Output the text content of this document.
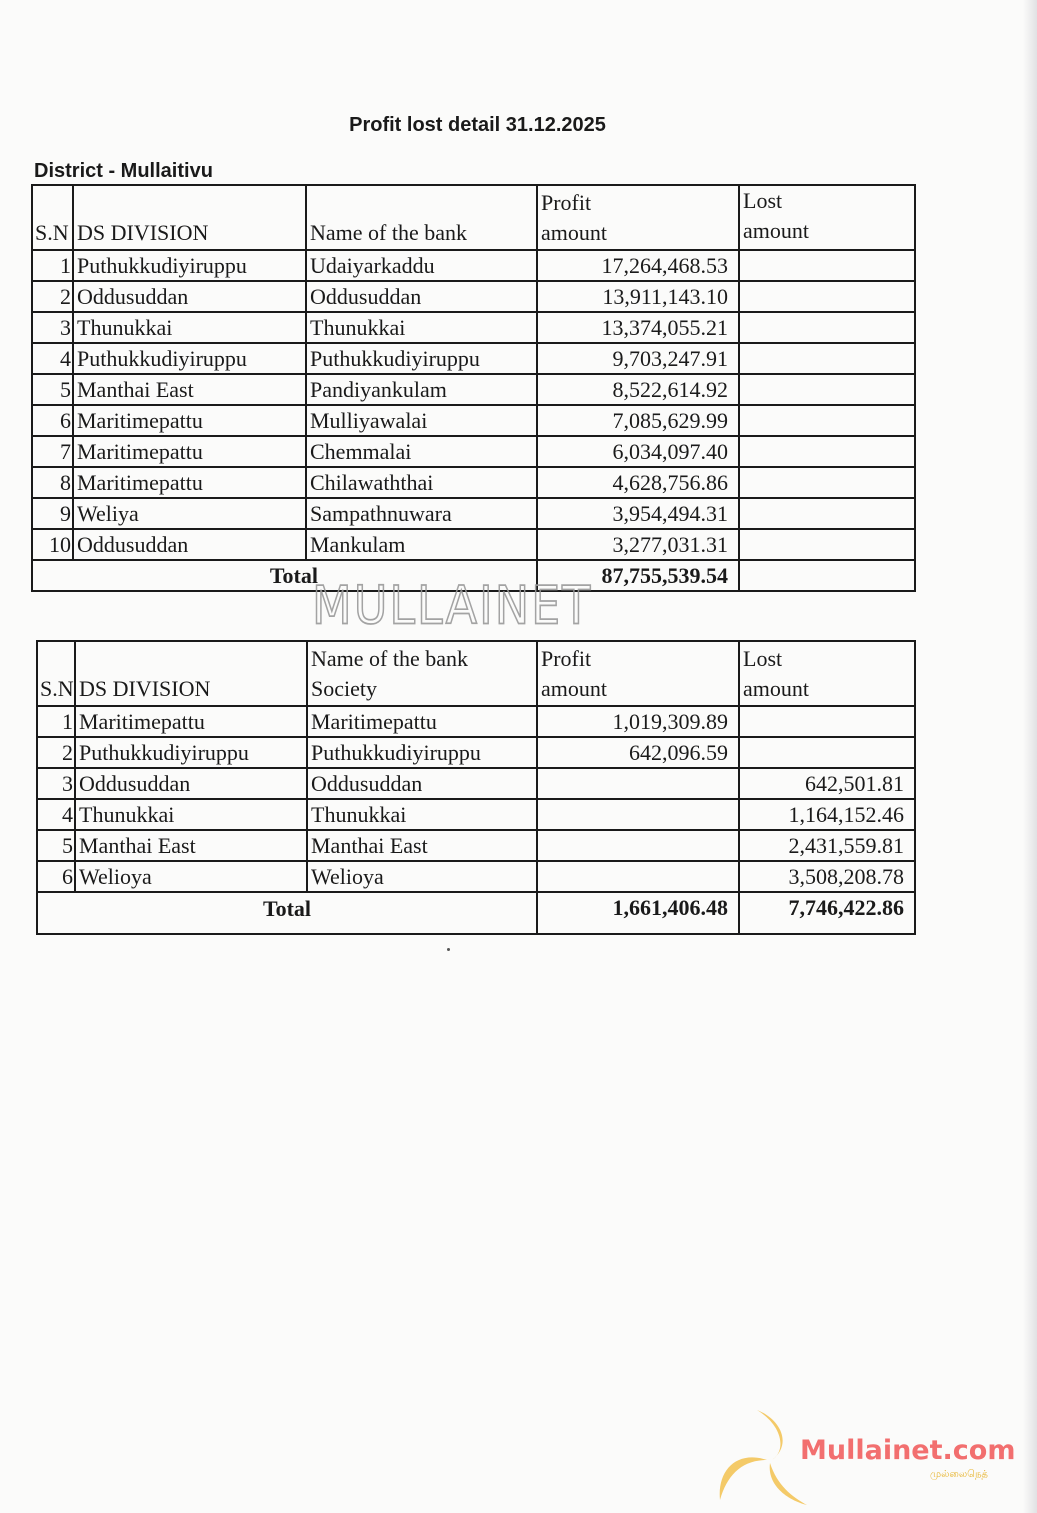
Profit lost detail 31.12.2025
District - Mullaitivu
S.N	DS DIVISION	Name of the bank	
Profit
amount

Lost
amount

1	Puthukkudiyiruppu	Udaiyarkaddu	17,264,468.53	
2	Oddusuddan	Oddusuddan	13,911,143.10	
3	Thunukkai	Thunukkai	13,374,055.21	
4	Puthukkudiyiruppu	Puthukkudiyiruppu	9,703,247.91	
5	Manthai East	Pandiyankulam	8,522,614.92	
6	Maritimepattu	Mulliyawalai	7,085,629.99	
7	Maritimepattu	Chemmalai	6,034,097.40	
8	Maritimepattu	Chilawaththai	4,628,756.86	
9	Weliya	Sampathnuwara	3,954,494.31	
10	Oddusuddan	Mankulam	3,277,031.31	
Total			87,755,539.54	
MULLAINET
S.N	DS DIVISION	
Name of the bank
Society

Profit
amount

Lost
amount

1	Maritimepattu	Maritimepattu	1,019,309.89	
2	Puthukkudiyiruppu	Puthukkudiyiruppu	642,096.59	
3	Oddusuddan	Oddusuddan		642,501.81
4	Thunukkai	Thunukkai		1,164,152.46
5	Manthai East	Manthai East		2,431,559.81
6	Welioya	Welioya		3,508,208.78
Total			1,661,406.48	7,746,422.86
Mullainet.com
முல்லைநெத்
